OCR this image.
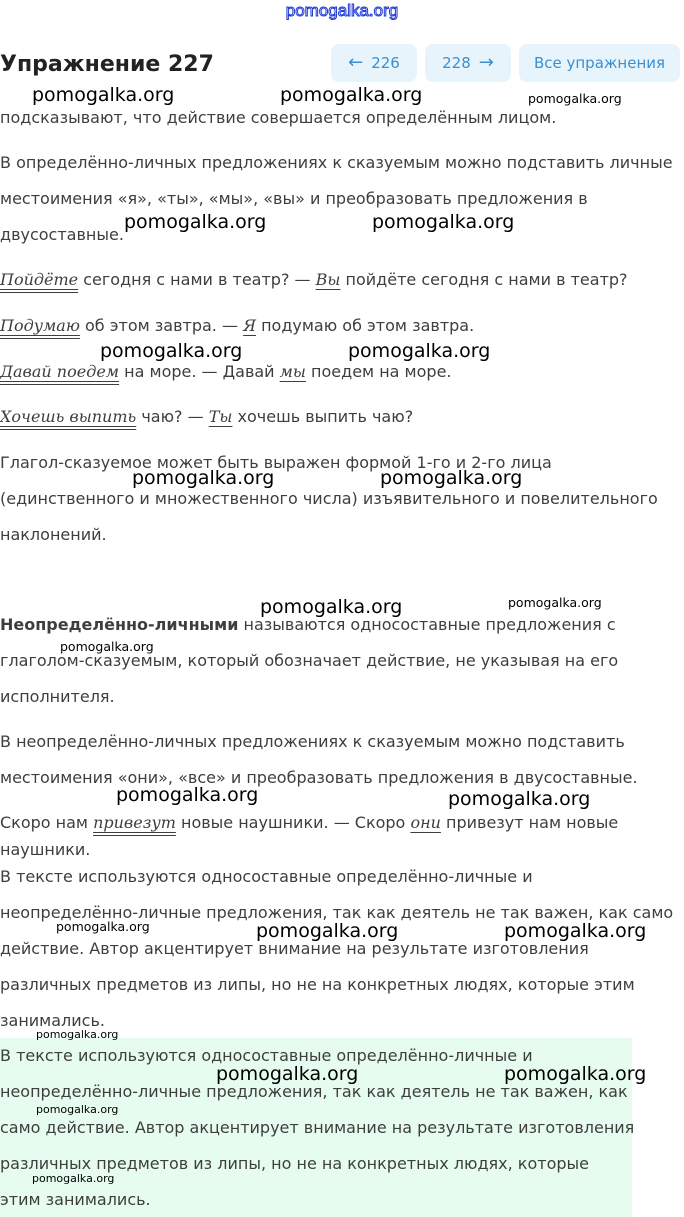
pomogalka.org
Упражнение 227	← 226	228 →	Все упражнения
подсказывают, что действие совершается определённым лицом.
В определённо-личных предложениях к сказуемым можно подставить личные
местоимения «я», «ты», «мы», «вы» и преобразовать предложения в
двусоставные.
Пойдёте сегодня с нами в театр? — Вы пойдёте сегодня с нами в театр?
Подумаю об этом завтра. — Я подумаю об этом завтра.
Давай поедем на море. — Давай мы поедем на море.
Хочешь выпить чаю? — Ты хочешь выпить чаю?
Глагол-сказуемое может быть выражен формой 1-го и 2-го лица
(единственного и множественного числа) изъявительного и повелительного
наклонений.
Неопределённо-личными называются односоставные предложения с
глаголом-сказуемым, который обозначает действие, не указывая на его
исполнителя.
В неопределённо-личных предложениях к сказуемым можно подставить
местоимения «они», «все» и преобразовать предложения в двусоставные.
Скоро нам привезут новые наушники. — Скоро они привезут нам новые
наушники.
В тексте используются односоставные определённо-личные и
неопределённо-личные предложения, так как деятель не так важен, как само
действие. Автор акцентирует внимание на результате изготовления
различных предметов из липы, но не на конкретных людях, которые этим
занимались.
В тексте используются односоставные определённо-личные и
неопределённо-личные предложения, так как деятель не так важен, как
само действие. Автор акцентирует внимание на результате изготовления
различных предметов из липы, но не на конкретных людях, которые
этим занимались.
pomogalka.org	pomogalka.org	pomogalka.org
pomogalka.org	pomogalka.org
pomogalka.org	pomogalka.org
pomogalka.org	pomogalka.org
pomogalka.org	pomogalka.org
pomogalka.org
pomogalka.org	pomogalka.org
pomogalka.org	pomogalka.org	pomogalka.org
pomogalka.org
pomogalka.org	pomogalka.org
pomogalka.org
pomogalka.org
